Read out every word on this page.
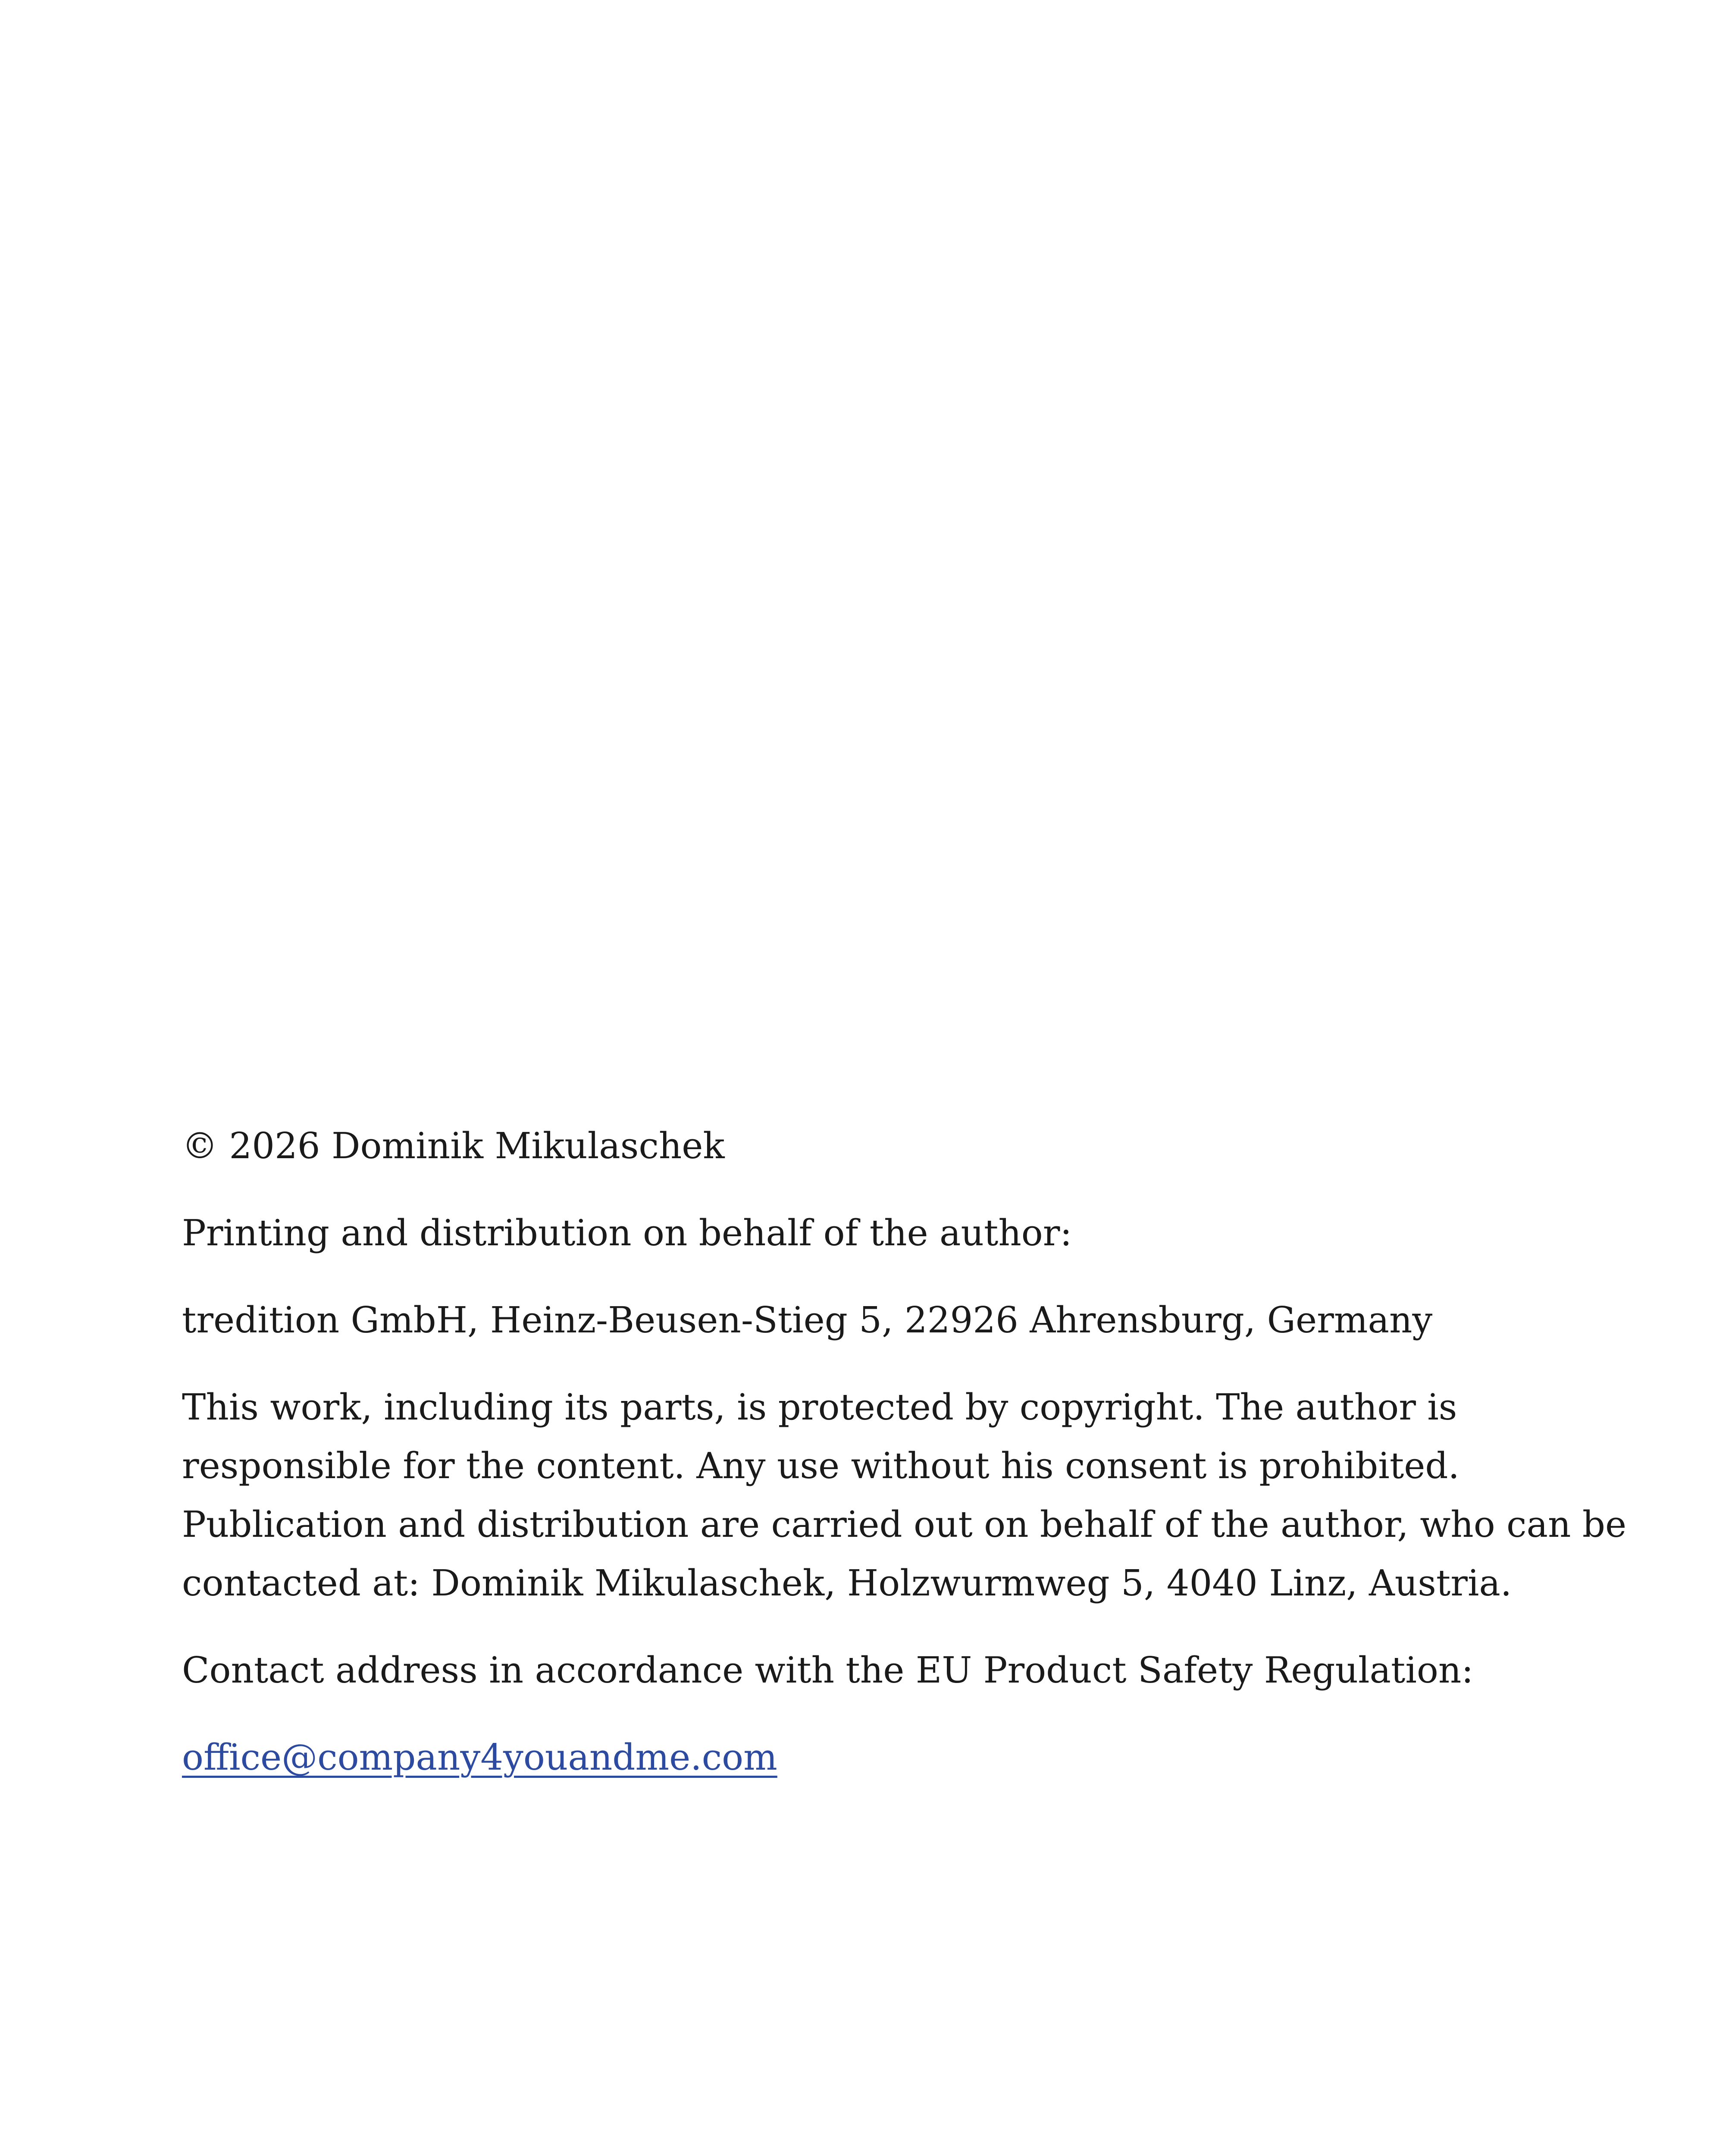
© 2026 Dominik Mikulaschek

Printing and distribution on behalf of the author:

tredition GmbH, Heinz-Beusen-Stieg 5, 22926 Ahrensburg, Germany

This work, including its parts, is protected by copyright. The author is
responsible for the content. Any use without his consent is prohibited.
Publication and distribution are carried out on behalf of the author, who can be
contacted at: Dominik Mikulaschek, Holzwurmweg 5, 4040 Linz, Austria.

Contact address in accordance with the EU Product Safety Regulation:

office@company4youandme.com
